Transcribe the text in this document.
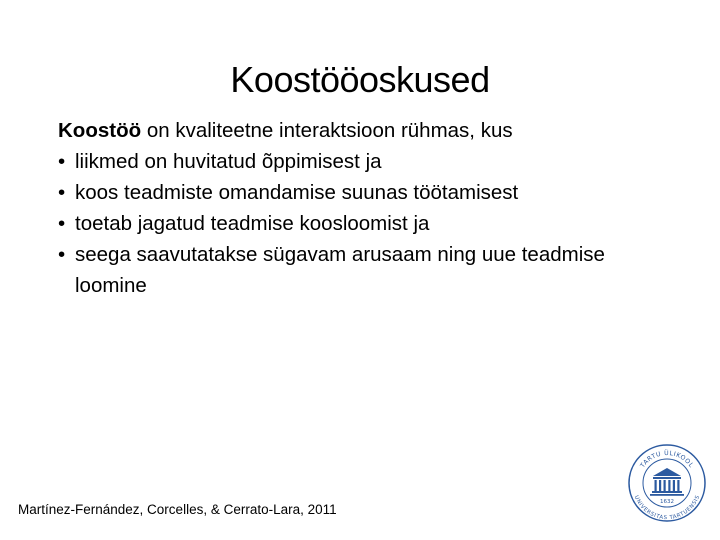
Koostööoskused

Koostöö on kvaliteetne interaktsioon rühmas, kus

• liikmed on huvitatud õppimisest ja
• koos teadmiste omandamise suunas töötamisest
• toetab jagatud teadmise koosloomist ja
• seega saavutatakse sügavam arusaam ning uue teadmise loomine
Martínez-Fernández, Corcelles, & Cerrato-Lara, 2011
TARTU ÜLIKOOL
UNIVERSITAS TARTUENSIS
1632
